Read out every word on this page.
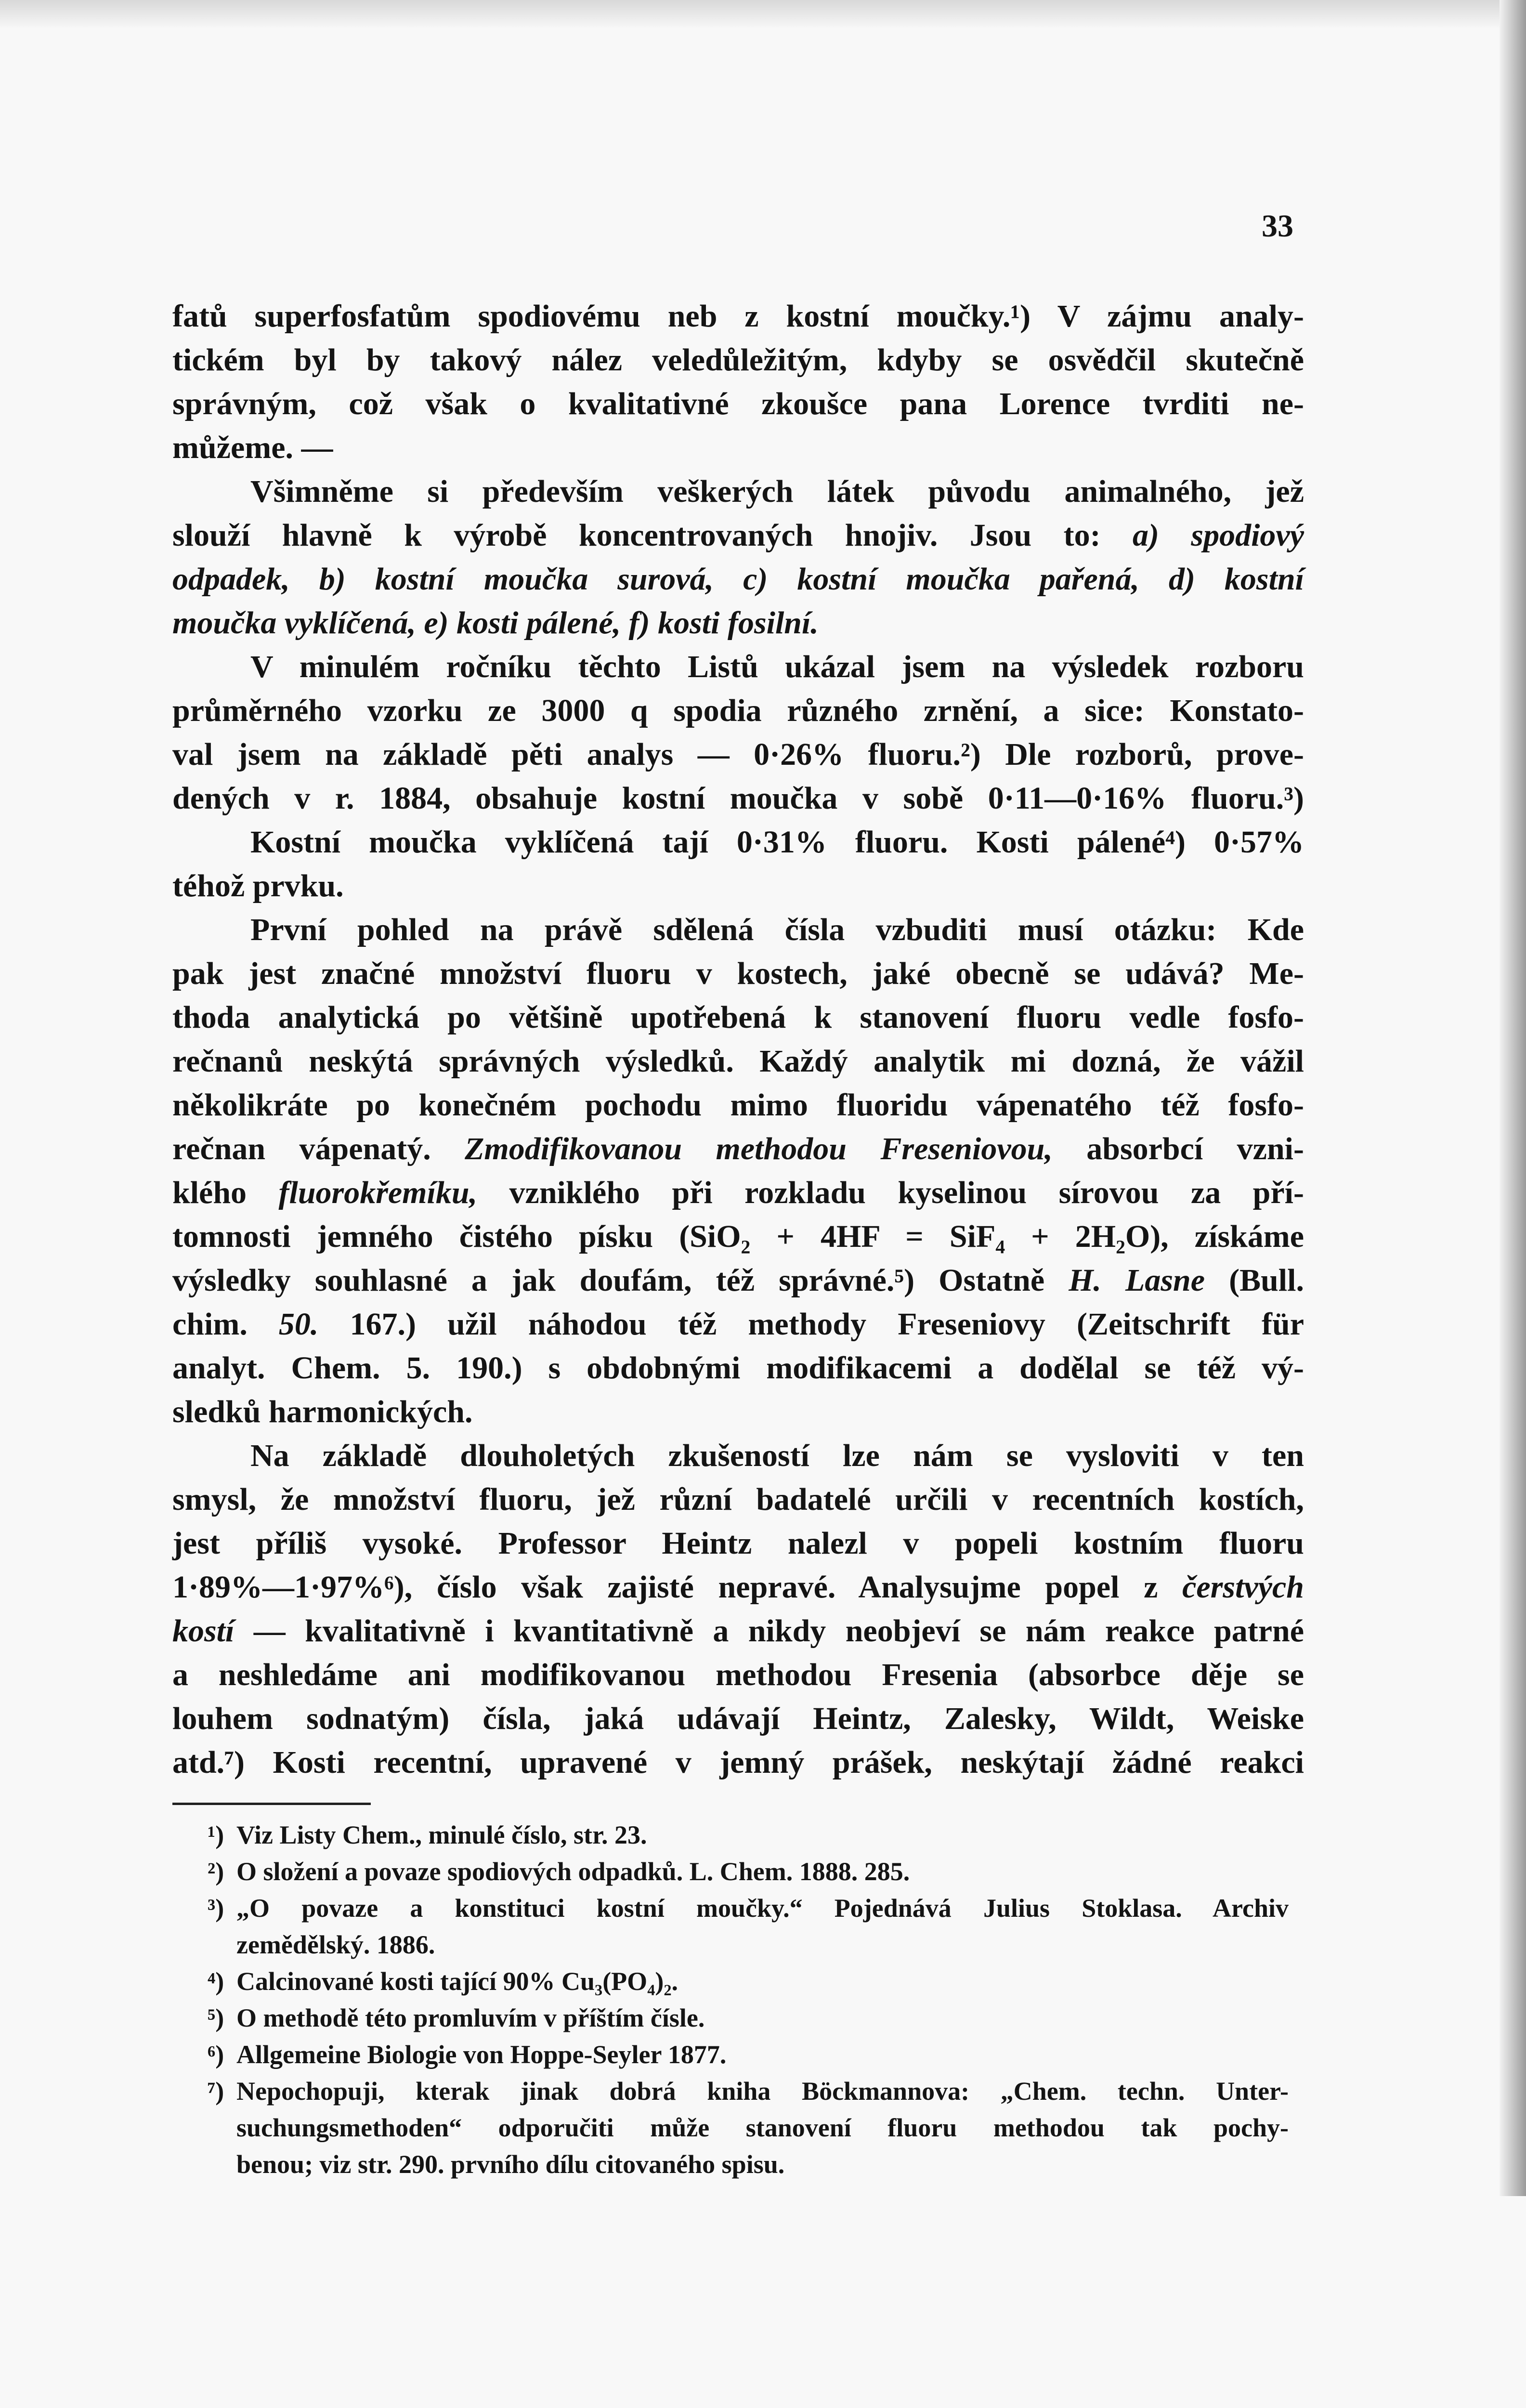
33
fatů superfosfatům spodiovému neb z kostní moučky.¹) V zájmu analy-
tickém byl by takový nález veledůležitým, kdyby se osvědčil skutečně
správným, což však o kvalitativné zkoušce pana Lorence tvrditi ne-
můžeme. —
Všimněme si především veškerých látek původu animalného, jež
slouží hlavně k výrobě koncentrovaných hnojiv. Jsou to: a) spodiový
odpadek, b) kostní moučka surová, c) kostní moučka pařená, d) kostní
moučka vyklíčená, e) kosti pálené, f) kosti fosilní.
V minulém ročníku těchto Listů ukázal jsem na výsledek rozboru
průměrného vzorku ze 3000 q spodia různého zrnění, a sice: Konstato-
val jsem na základě pěti analys — 0·26% fluoru.²) Dle rozborů, prove-
dených v r. 1884, obsahuje kostní moučka v sobě 0·11—0·16% fluoru.³)
Kostní moučka vyklíčená tají 0·31% fluoru. Kosti pálené⁴) 0·57%
téhož prvku.
První pohled na právě sdělená čísla vzbuditi musí otázku: Kde
pak jest značné množství fluoru v kostech, jaké obecně se udává? Me-
thoda analytická po většině upotřebená k stanovení fluoru vedle fosfo-
rečnanů neskýtá správných výsledků. Každý analytik mi dozná, že vážil
několikráte po konečném pochodu mimo fluoridu vápenatého též fosfo-
rečnan vápenatý. Zmodifikovanou methodou Freseniovou, absorbcí vzni-
klého fluorokřemíku, vzniklého při rozkladu kyselinou sírovou za pří-
tomnosti jemného čistého písku (SiO₂ + 4HF = SiF₄ + 2H₂O), získáme
výsledky souhlasné a jak doufám, též správné.⁵) Ostatně H. Lasne (Bull.
chim. 50. 167.) užil náhodou též methody Freseniovy (Zeitschrift für
analyt. Chem. 5. 190.) s obdobnými modifikacemi a dodělal se též vý-
sledků harmonických.
Na základě dlouholetých zkušeností lze nám se vysloviti v ten
smysl, že množství fluoru, jež různí badatelé určili v recentních kostích,
jest příliš vysoké. Professor Heintz nalezl v popeli kostním fluoru
1·89%—1·97%⁶), číslo však zajisté nepravé. Analysujme popel z čerstvých
kostí — kvalitativně i kvantitativně a nikdy neobjeví se nám reakce patrné
a neshledáme ani modifikovanou methodou Fresenia (absorbce děje se
louhem sodnatým) čísla, jaká udávají Heintz, Zalesky, Wildt, Weiske
atd.⁷) Kosti recentní, upravené v jemný prášek, neskýtají žádné reakci
¹) Viz Listy Chem., minulé číslo, str. 23.
²) O složení a povaze spodiových odpadků. L. Chem. 1888. 285.
³) „O povaze a konstituci kostní moučky.“ Pojednává Julius Stoklasa. Archiv
zemědělský. 1886.
⁴) Calcinované kosti tající 90% Cu₃(PO₄)₂.
⁵) O methodě této promluvím v příštím čísle.
⁶) Allgemeine Biologie von Hoppe-Seyler 1877.
⁷) Nepochopuji, kterak jinak dobrá kniha Böckmannova: „Chem. techn. Unter-
suchungsmethoden“ odporučiti může stanovení fluoru methodou tak pochy-
benou; viz str. 290. prvního dílu citovaného spisu.
